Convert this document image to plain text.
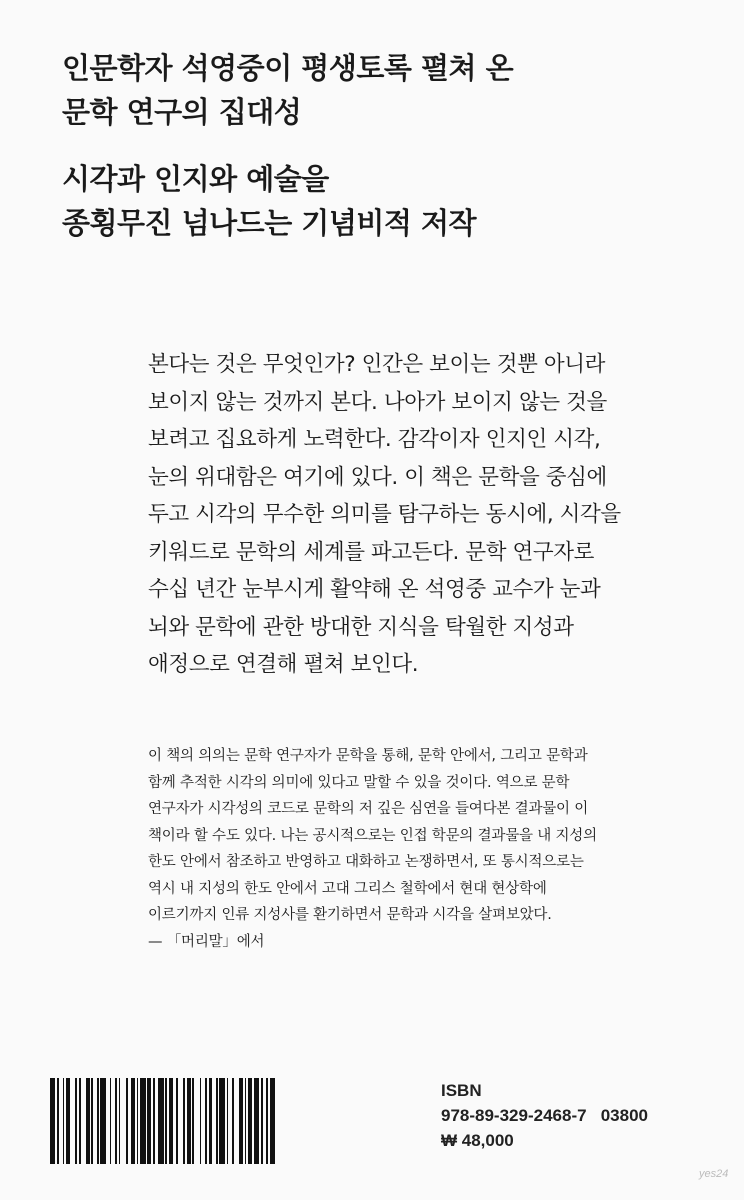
인문학자 석영중이 평생토록 펼쳐 온
문학 연구의 집대성
시각과 인지와 예술을
종횡무진 넘나드는 기념비적 저작
본다는 것은 무엇인가? 인간은 보이는 것뿐 아니라
보이지 않는 것까지 본다. 나아가 보이지 않는 것을
보려고 집요하게 노력한다. 감각이자 인지인 시각,
눈의 위대함은 여기에 있다. 이 책은 문학을 중심에
두고 시각의 무수한 의미를 탐구하는 동시에, 시각을
키워드로 문학의 세계를 파고든다. 문학 연구자로
수십 년간 눈부시게 활약해 온 석영중 교수가 눈과
뇌와 문학에 관한 방대한 지식을 탁월한 지성과
애정으로 연결해 펼쳐 보인다.
이 책의 의의는 문학 연구자가 문학을 통해, 문학 안에서, 그리고 문학과
함께 추적한 시각의 의미에 있다고 말할 수 있을 것이다. 역으로 문학
연구자가 시각성의 코드로 문학의 저 깊은 심연을 들여다본 결과물이 이
책이라 할 수도 있다. 나는 공시적으로는 인접 학문의 결과물을 내 지성의
한도 안에서 참조하고 반영하고 대화하고 논쟁하면서, 또 통시적으로는
역시 내 지성의 한도 안에서 고대 그리스 철학에서 현대 현상학에
이르기까지 인류 지성사를 환기하면서 문학과 시각을 살펴보았다.
— 「머리말」에서
ISBN
978-89-329-2468-7   03800
₩ 48,000
yes24
